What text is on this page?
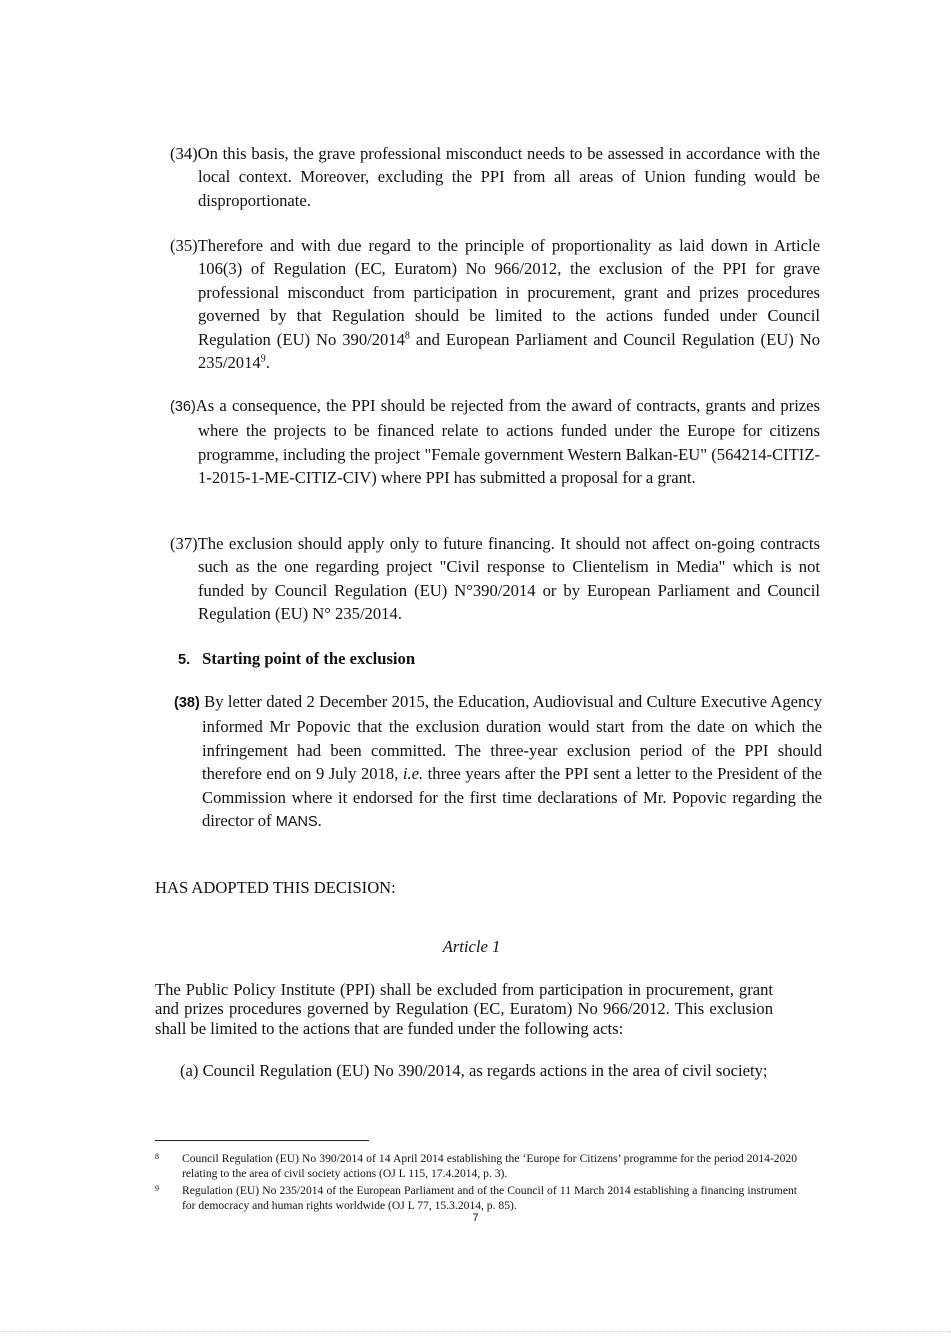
(34)On this basis, the grave professional misconduct needs to be assessed in accordance with the local context. Moreover, excluding the PPI from all areas of Union funding would be disproportionate.
(35)Therefore and with due regard to the principle of proportionality as laid down in Article 106(3) of Regulation (EC, Euratom) No 966/2012, the exclusion of the PPI for grave professional misconduct from participation in procurement, grant and prizes procedures governed by that Regulation should be limited to the actions funded under Council Regulation (EU) No 390/2014$^8$ and European Parliament and Council Regulation (EU) No 235/2014$^9$.
(36)As a consequence, the PPI should be rejected from the award of contracts, grants and prizes where the projects to be financed relate to actions funded under the Europe for citizens programme, including the project "Female government Western Balkan-EU" (564214-CITIZ-1-2015-1-ME-CITIZ-CIV) where PPI has submitted a proposal for a grant.
(37)The exclusion should apply only to future financing. It should not affect on-going contracts such as the one regarding project "Civil response to Clientelism in Media" which is not funded by Council Regulation (EU) N°390/2014 or by European Parliament and Council Regulation (EU) N° 235/2014.
5. Starting point of the exclusion
(38) By letter dated 2 December 2015, the Education, Audiovisual and Culture Executive Agency informed Mr Popovic that the exclusion duration would start from the date on which the infringement had been committed. The three-year exclusion period of the PPI should therefore end on 9 July 2018, i.e. three years after the PPI sent a letter to the President of the Commission where it endorsed for the first time declarations of Mr. Popovic regarding the director of MANS.
HAS ADOPTED THIS DECISION:
Article 1
The Public Policy Institute (PPI) shall be excluded from participation in procurement, grant and prizes procedures governed by Regulation (EC, Euratom) No 966/2012. This exclusion shall be limited to the actions that are funded under the following acts:
(a) Council Regulation (EU) No 390/2014, as regards actions in the area of civil society;
8 Council Regulation (EU) No 390/2014 of 14 April 2014 establishing the ‘Europe for Citizens’ programme for the period 2014-2020 relating to the area of civil society actions (OJ L 115, 17.4.2014, p. 3).
9 Regulation (EU) No 235/2014 of the European Parliament and of the Council of 11 March 2014 establishing a financing instrument for democracy and human rights worldwide (OJ L 77, 15.3.2014, p. 85).
7
